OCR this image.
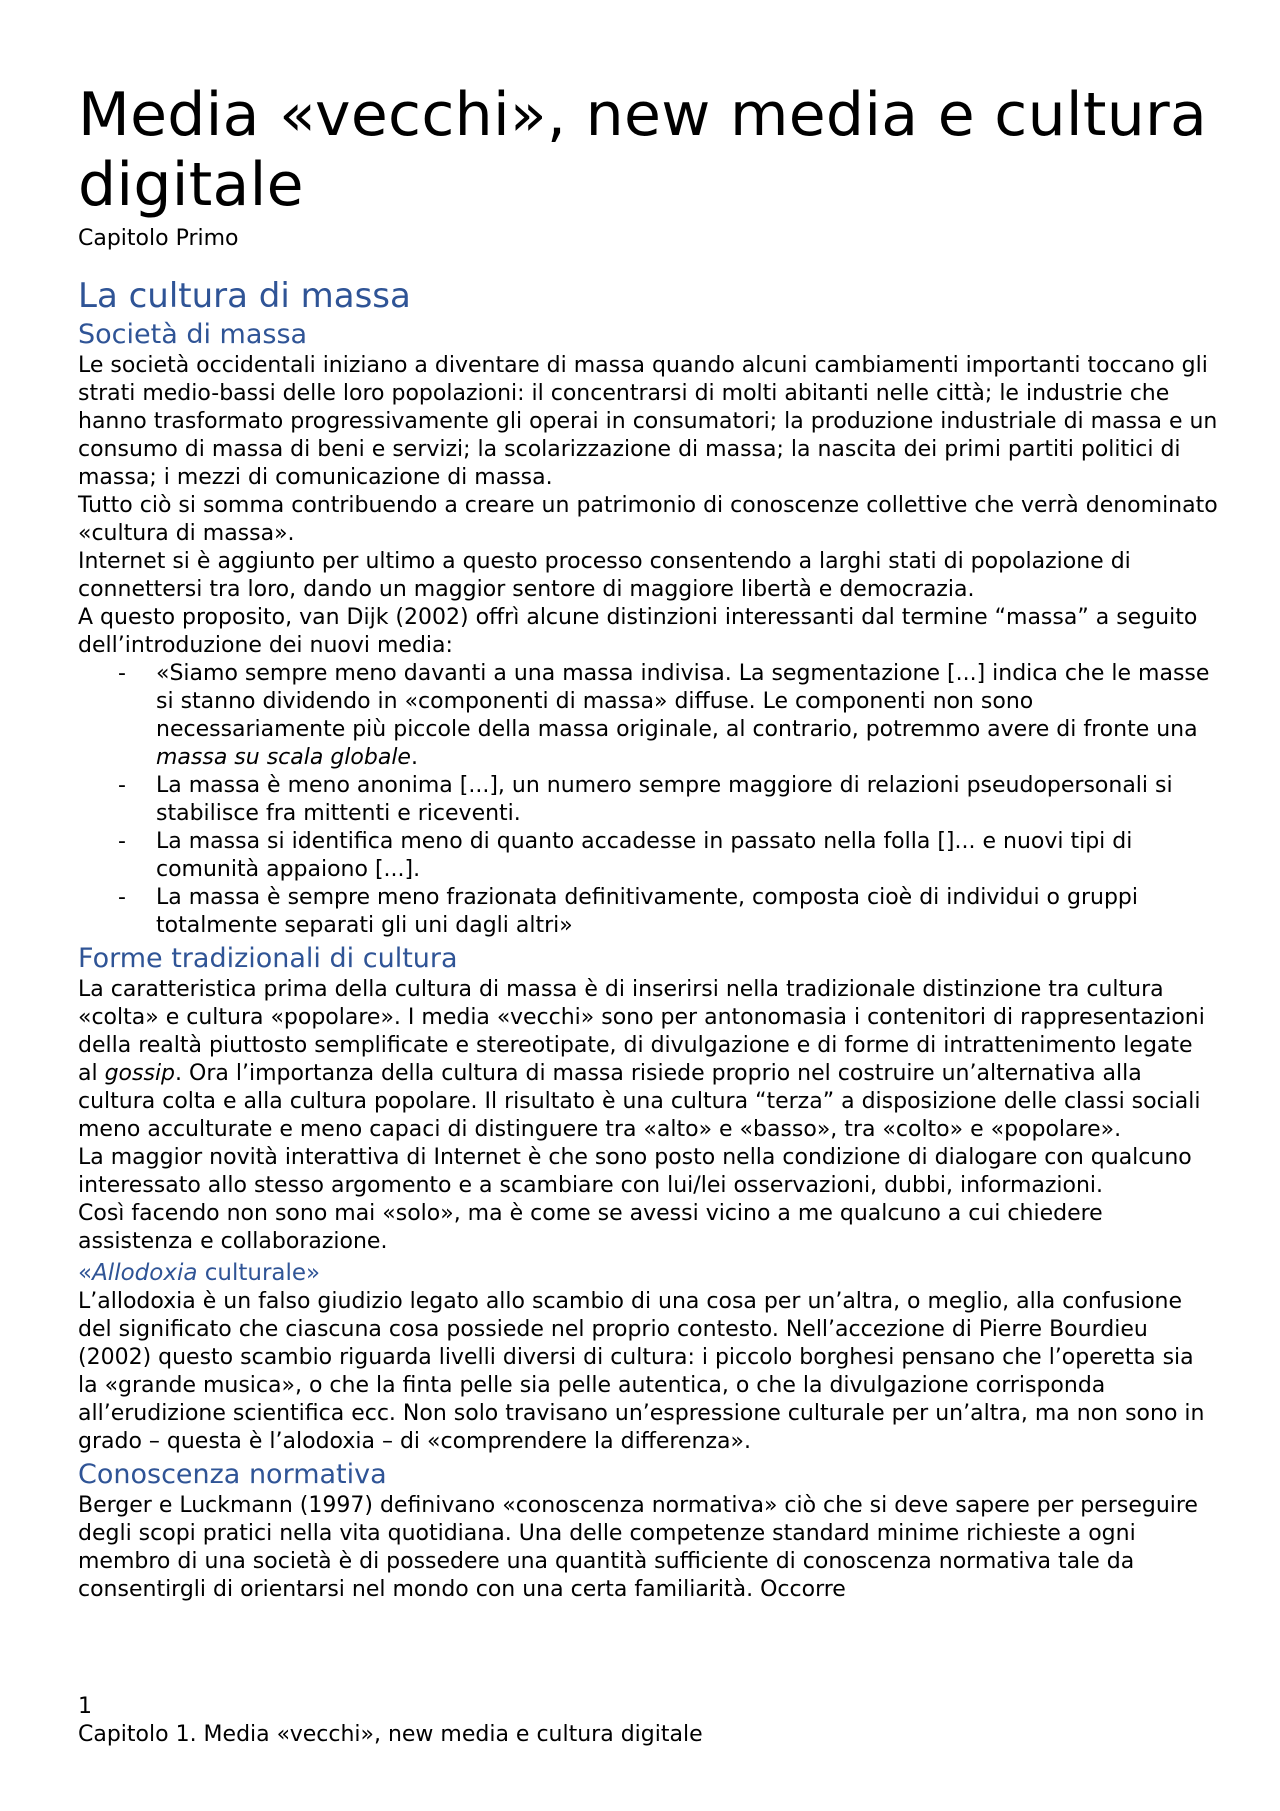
Media «vecchi», new media e cultura digitale
Capitolo Primo
La cultura di massa
Società di massa

Le società occidentali iniziano a diventare di massa quando alcuni cambiamenti importanti toccano gli strati medio-bassi delle loro popolazioni: il concentrarsi di molti abitanti nelle città; le industrie che hanno trasformato progressivamente gli operai in consumatori; la produzione industriale di massa e un consumo di massa di beni e servizi; la scolarizzazione di massa; la nascita dei primi partiti politici di massa; i mezzi di comunicazione di massa.

Tutto ciò si somma contribuendo a creare un patrimonio di conoscenze collettive che verrà denominato «cultura di massa».

Internet si è aggiunto per ultimo a questo processo consentendo a larghi stati di popolazione di connettersi tra loro, dando un maggior sentore di maggiore libertà e democrazia.

A questo proposito, van Dijk (2002) offrì alcune distinzioni interessanti dal termine “massa” a seguito dell’introduzione dei nuovi media:

- «Siamo sempre meno davanti a una massa indivisa. La segmentazione [...] indica che le masse si stanno dividendo in «componenti di massa» diffuse. Le componenti non sono necessariamente più piccole della massa originale, al contrario, potremmo avere di fronte una massa su scala globale.
- La massa è meno anonima [...], un numero sempre maggiore di relazioni pseudopersonali si stabilisce fra mittenti e riceventi.
- La massa si identifica meno di quanto accadesse in passato nella folla []... e nuovi tipi di comunità appaiono [...].
- La massa è sempre meno frazionata definitivamente, composta cioè di individui o gruppi totalmente separati gli uni dagli altri»
Forme tradizionali di cultura

La caratteristica prima della cultura di massa è di inserirsi nella tradizionale distinzione tra cultura «colta» e cultura «popolare». I media «vecchi» sono per antonomasia i contenitori di rappresentazioni della realtà piuttosto semplificate e stereotipate, di divulgazione e di forme di intrattenimento legate al gossip. Ora l’importanza della cultura di massa risiede proprio nel costruire un’alternativa alla cultura colta e alla cultura popolare. Il risultato è una cultura “terza” a disposizione delle classi sociali meno acculturate e meno capaci di distinguere tra «alto» e «basso», tra «colto» e «popolare».

La maggior novità interattiva di Internet è che sono posto nella condizione di dialogare con qualcuno interessato allo stesso argomento e a scambiare con lui/lei osservazioni, dubbi, informazioni.

Così facendo non sono mai «solo», ma è come se avessi vicino a me qualcuno a cui chiedere assistenza e collaborazione.

«Allodoxia culturale»

L’allodoxia è un falso giudizio legato allo scambio di una cosa per un’altra, o meglio, alla confusione del significato che ciascuna cosa possiede nel proprio contesto. Nell’accezione di Pierre Bourdieu (2002) questo scambio riguarda livelli diversi di cultura: i piccolo borghesi pensano che l’operetta sia la «grande musica», o che la finta pelle sia pelle autentica, o che la divulgazione corrisponda all’erudizione scientifica ecc. Non solo travisano un’espressione culturale per un’altra, ma non sono in grado – questa è l’alodoxia – di «comprendere la differenza».

Conoscenza normativa

Berger e Luckmann (1997) definivano «conoscenza normativa» ciò che si deve sapere per perseguire degli scopi pratici nella vita quotidiana. Una delle competenze standard minime richieste a ogni membro di una società è di possedere una quantità sufficiente di conoscenza normativa tale da consentirgli di orientarsi nel mondo con una certa familiarità. Occorre

1
Capitolo 1. Media «vecchi», new media e cultura digitale
